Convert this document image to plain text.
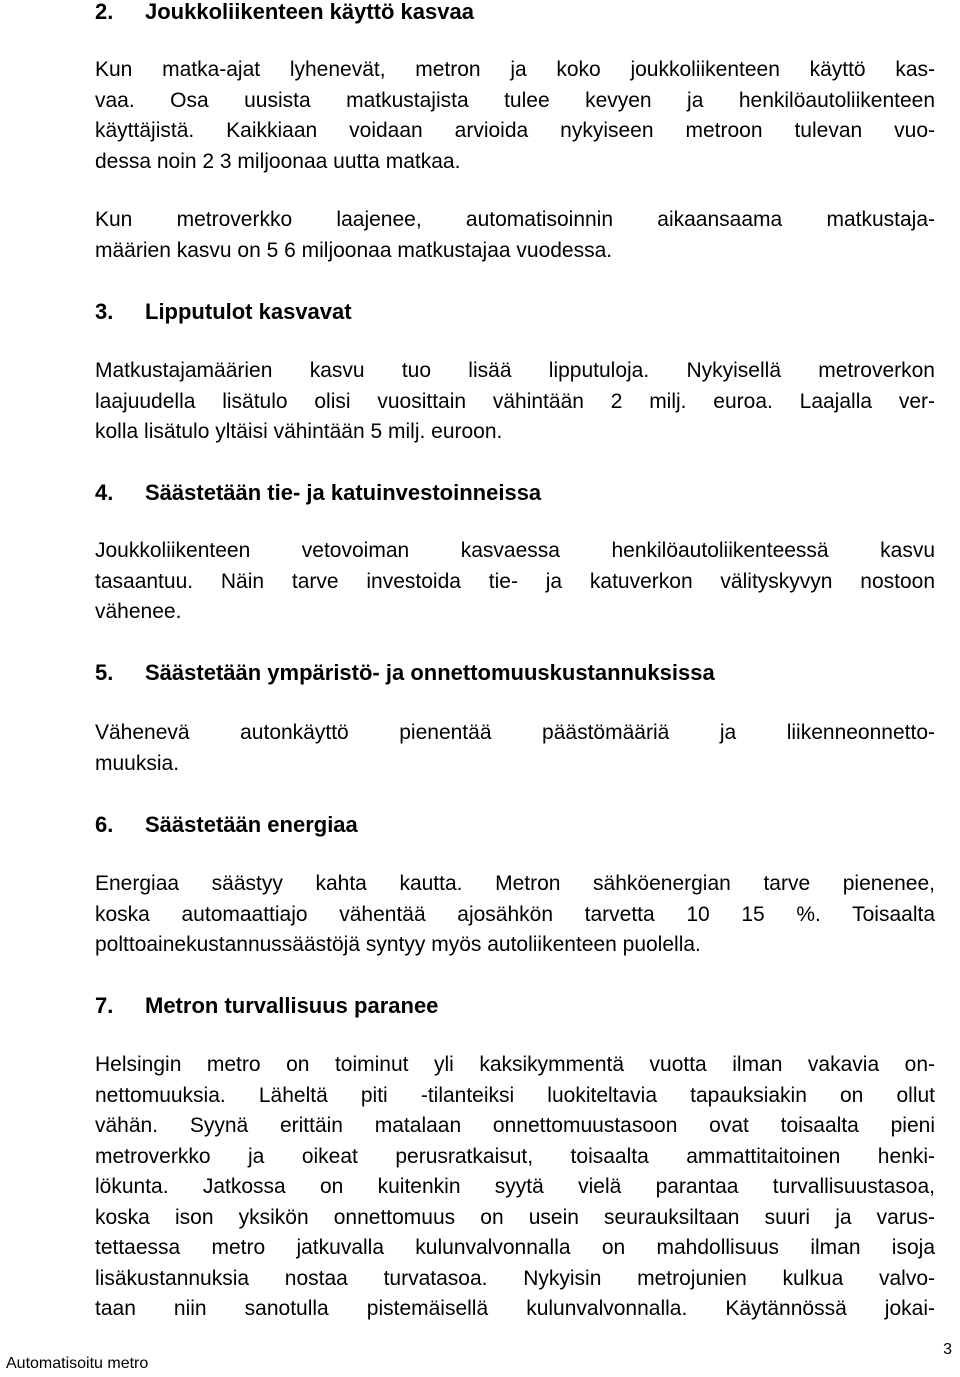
2. Joukkoliikenteen käyttö kasvaa
Kun matka-ajat lyhenevät, metron ja koko joukkoliikenteen käyttö kas-
vaa. Osa uusista matkustajista tulee kevyen ja henkilöautoliikenteen
käyttäjistä. Kaikkiaan voidaan arvioida nykyiseen metroon tulevan vuo-
dessa noin 2 3 miljoonaa uutta matkaa.
Kun metroverkko laajenee, automatisoinnin aikaansaama matkustaja-
määrien kasvu on 5 6 miljoonaa matkustajaa vuodessa.
3. Lipputulot kasvavat
Matkustajamäärien kasvu tuo lisää lipputuloja. Nykyisellä metroverkon
laajuudella lisätulo olisi vuosittain vähintään 2 milj. euroa. Laajalla ver-
kolla lisätulo yltäisi vähintään 5 milj. euroon.
4. Säästetään tie- ja katuinvestoinneissa
Joukkoliikenteen vetovoiman kasvaessa henkilöautoliikenteessä kasvu
tasaantuu. Näin tarve investoida tie- ja katuverkon välityskyvyn nostoon
vähenee.
5. Säästetään ympäristö- ja onnettomuuskustannuksissa
Vähenevä autonkäyttö pienentää päästömääriä ja liikenneonnetto-
muuksia.
6. Säästetään energiaa
Energiaa säästyy kahta kautta. Metron sähköenergian tarve pienenee,
koska automaattiajo vähentää ajosähkön tarvetta 10 15 %. Toisaalta
polttoainekustannussäästöjä syntyy myös autoliikenteen puolella.
7. Metron turvallisuus paranee
Helsingin metro on toiminut yli kaksikymmentä vuotta ilman vakavia on-
nettomuuksia. Läheltä piti -tilanteiksi luokiteltavia tapauksiakin on ollut
vähän. Syynä erittäin matalaan onnettomuustasoon ovat toisaalta pieni
metroverkko ja oikeat perusratkaisut, toisaalta ammattitaitoinen henki-
lökunta. Jatkossa on kuitenkin syytä vielä parantaa turvallisuustasoa,
koska ison yksikön onnettomuus on usein seurauksiltaan suuri ja varus-
tettaessa metro jatkuvalla kulunvalvonnalla on mahdollisuus ilman isoja
lisäkustannuksia nostaa turvatasoa. Nykyisin metrojunien kulkua valvo-
taan niin sanotulla pistemäisellä kulunvalvonnalla. Käytännössä jokai-
Automatisoitu metro
3
